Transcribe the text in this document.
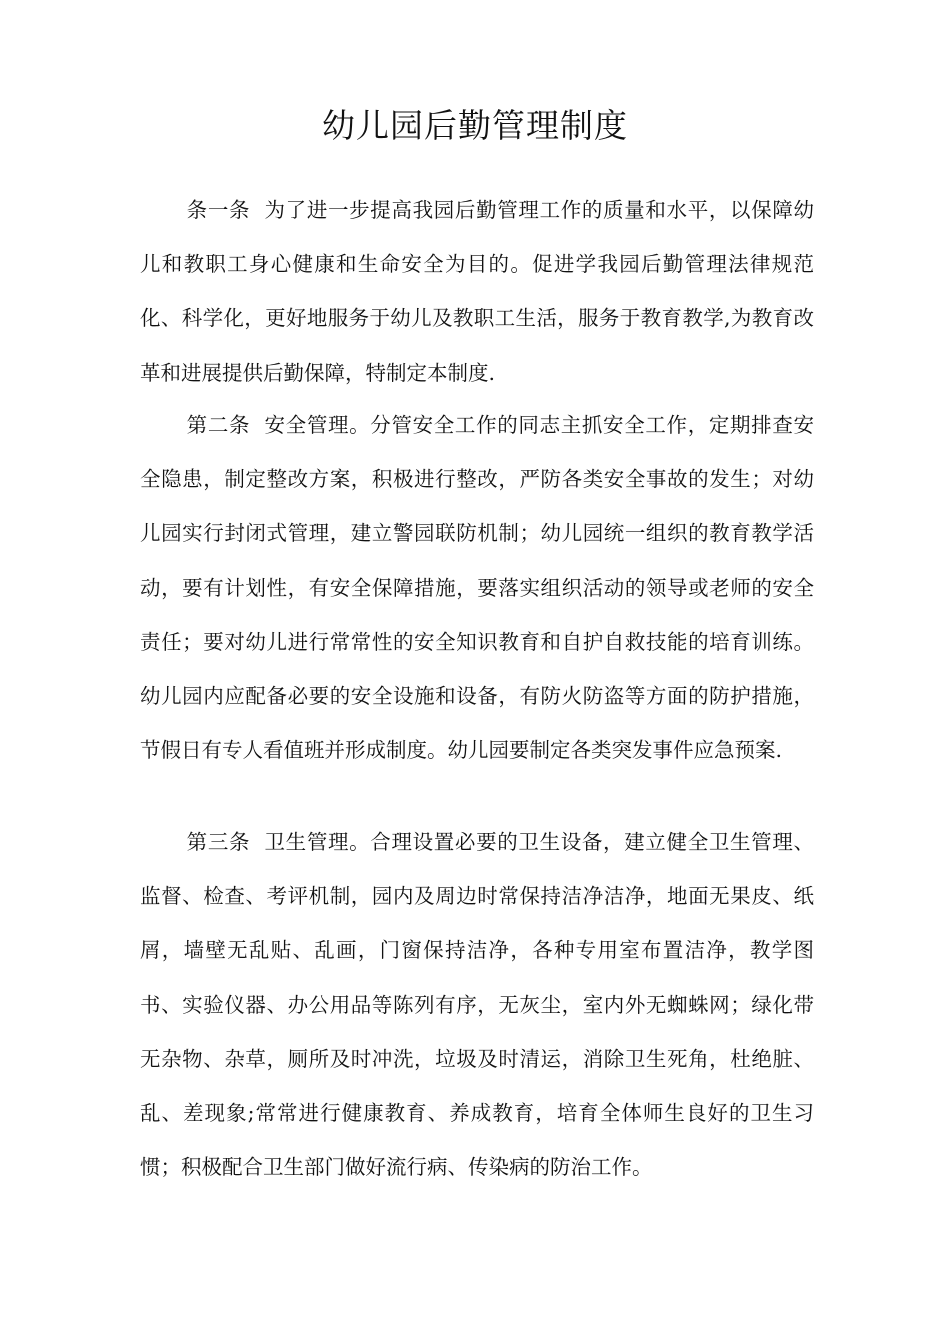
幼儿园后勤管理制度

条一条 为了进一步提高我园后勤管理工作的质量和水平，以保障幼儿和教职工身心健康和生命安全为目的。促进学我园后勤管理法律规范化、科学化，更好地服务于幼儿及教职工生活，服务于教育教学,为教育改革和进展提供后勤保障，特制定本制度.

第二条 安全管理。分管安全工作的同志主抓安全工作，定期排查安全隐患，制定整改方案，积极进行整改，严防各类安全事故的发生；对幼儿园实行封闭式管理，建立警园联防机制；幼儿园统一组织的教育教学活动，要有计划性，有安全保障措施，要落实组织活动的领导或老师的安全责任；要对幼儿进行常常性的安全知识教育和自护自救技能的培育训练。幼儿园内应配备必要的安全设施和设备，有防火防盗等方面的防护措施，节假日有专人看值班并形成制度。幼儿园要制定各类突发事件应急预案.

第三条 卫生管理。合理设置必要的卫生设备，建立健全卫生管理、监督、检查、考评机制，园内及周边时常保持洁净洁净，地面无果皮、纸屑，墙壁无乱贴、乱画，门窗保持洁净，各种专用室布置洁净，教学图书、实验仪器、办公用品等陈列有序，无灰尘，室内外无蜘蛛网；绿化带无杂物、杂草，厕所及时冲洗，垃圾及时清运，消除卫生死角，杜绝脏、乱、差现象;常常进行健康教育、养成教育，培育全体师生良好的卫生习惯；积极配合卫生部门做好流行病、传染病的防治工作。
